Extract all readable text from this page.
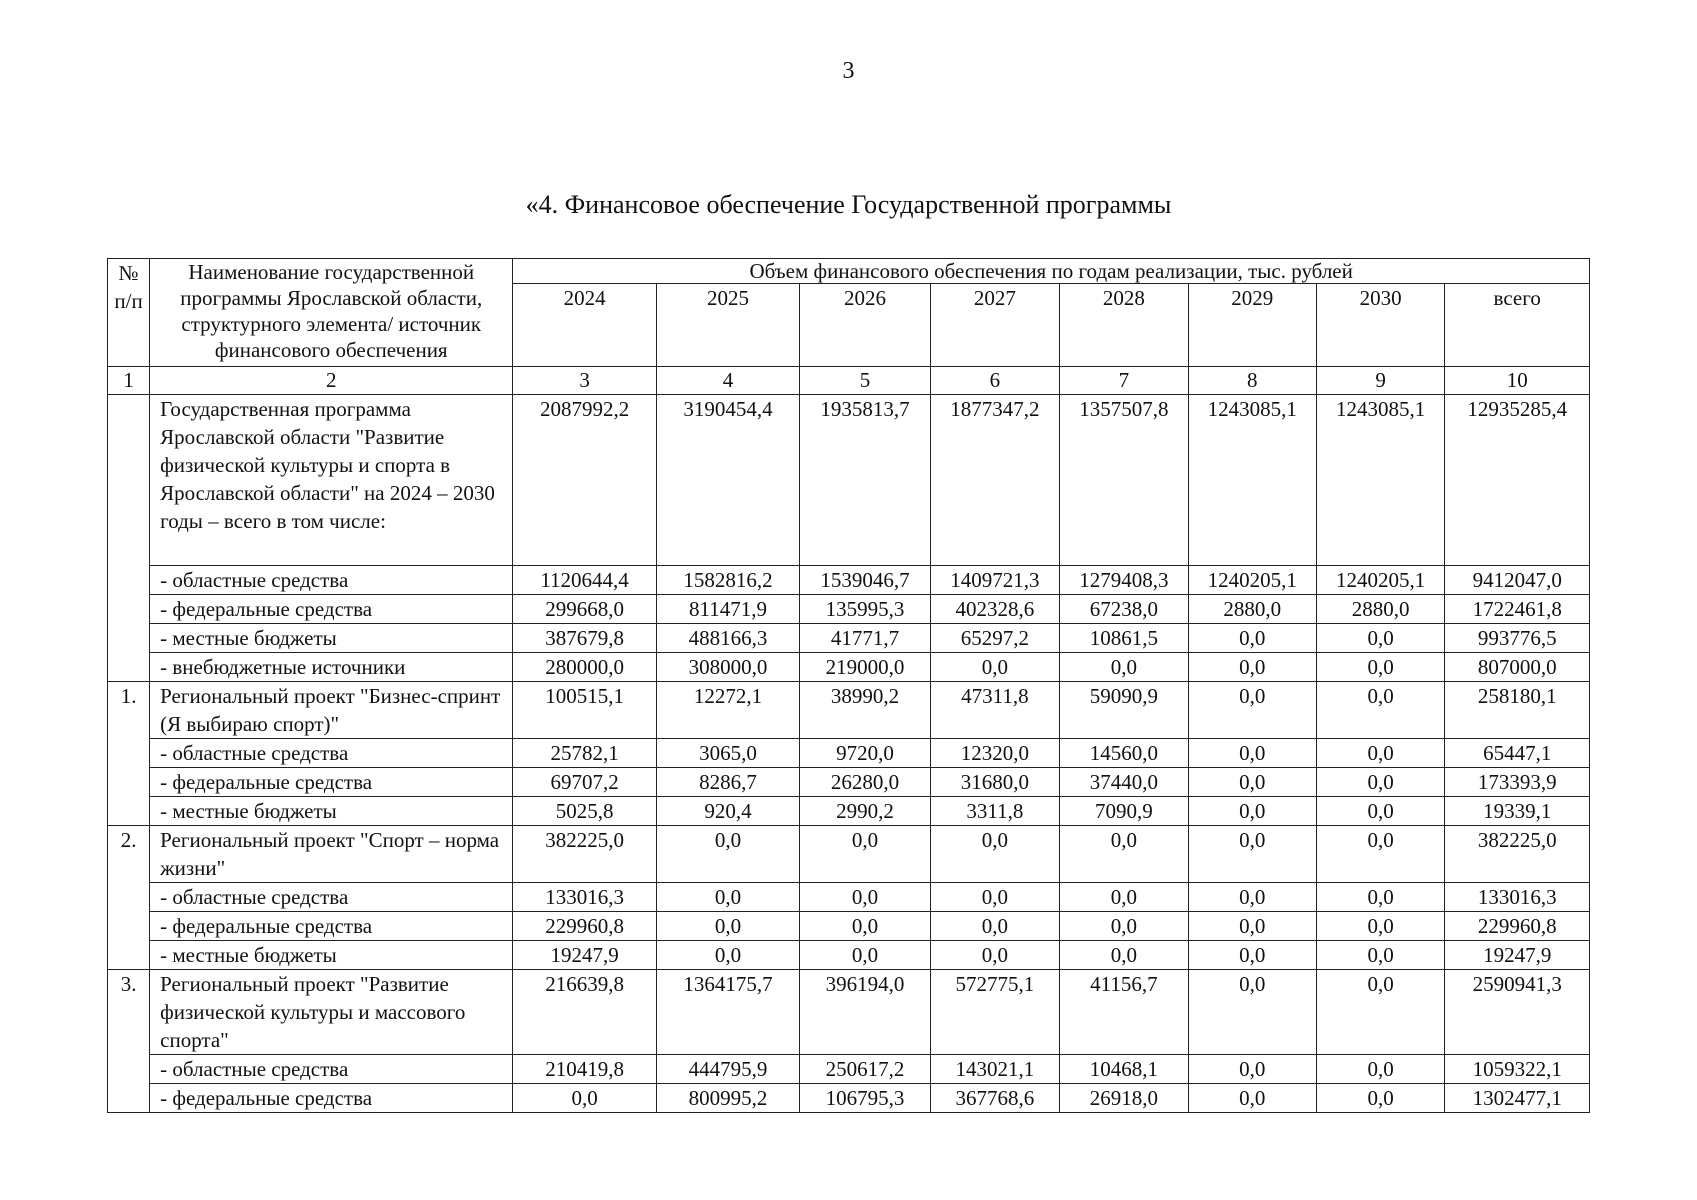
3
«4. Финансовое обеспечение Государственной программы
№ п/п	Наименование государственной программы Ярославской области, структурного элемента/ источник финансового обеспечения	Объем финансового обеспечения по годам реализации, тыс. рублей							
		2024	2025	2026	2027	2028	2029	2030	всего
1	2	3	4	5	6	7	8	9	10
	Государственная программа Ярославской области "Развитие физической культуры и спорта в Ярославской области" на 2024 – 2030 годы – всего в том числе:	2087992,2	3190454,4	1935813,7	1877347,2	1357507,8	1243085,1	1243085,1	12935285,4
	- областные средства	1120644,4	1582816,2	1539046,7	1409721,3	1279408,3	1240205,1	1240205,1	9412047,0
	- федеральные средства	299668,0	811471,9	135995,3	402328,6	67238,0	2880,0	2880,0	1722461,8
	- местные бюджеты	387679,8	488166,3	41771,7	65297,2	10861,5	0,0	0,0	993776,5
	- внебюджетные источники	280000,0	308000,0	219000,0	0,0	0,0	0,0	0,0	807000,0
1.	Региональный проект "Бизнес-спринт (Я выбираю спорт)"	100515,1	12272,1	38990,2	47311,8	59090,9	0,0	0,0	258180,1
	- областные средства	25782,1	3065,0	9720,0	12320,0	14560,0	0,0	0,0	65447,1
	- федеральные средства	69707,2	8286,7	26280,0	31680,0	37440,0	0,0	0,0	173393,9
	- местные бюджеты	5025,8	920,4	2990,2	3311,8	7090,9	0,0	0,0	19339,1
2.	Региональный проект "Спорт – норма жизни"	382225,0	0,0	0,0	0,0	0,0	0,0	0,0	382225,0
	- областные средства	133016,3	0,0	0,0	0,0	0,0	0,0	0,0	133016,3
	- федеральные средства	229960,8	0,0	0,0	0,0	0,0	0,0	0,0	229960,8
	- местные бюджеты	19247,9	0,0	0,0	0,0	0,0	0,0	0,0	19247,9
3.	Региональный проект "Развитие физической культуры и массового спорта"	216639,8	1364175,7	396194,0	572775,1	41156,7	0,0	0,0	2590941,3
	- областные средства	210419,8	444795,9	250617,2	143021,1	10468,1	0,0	0,0	1059322,1
	- федеральные средства	0,0	800995,2	106795,3	367768,6	26918,0	0,0	0,0	1302477,1
